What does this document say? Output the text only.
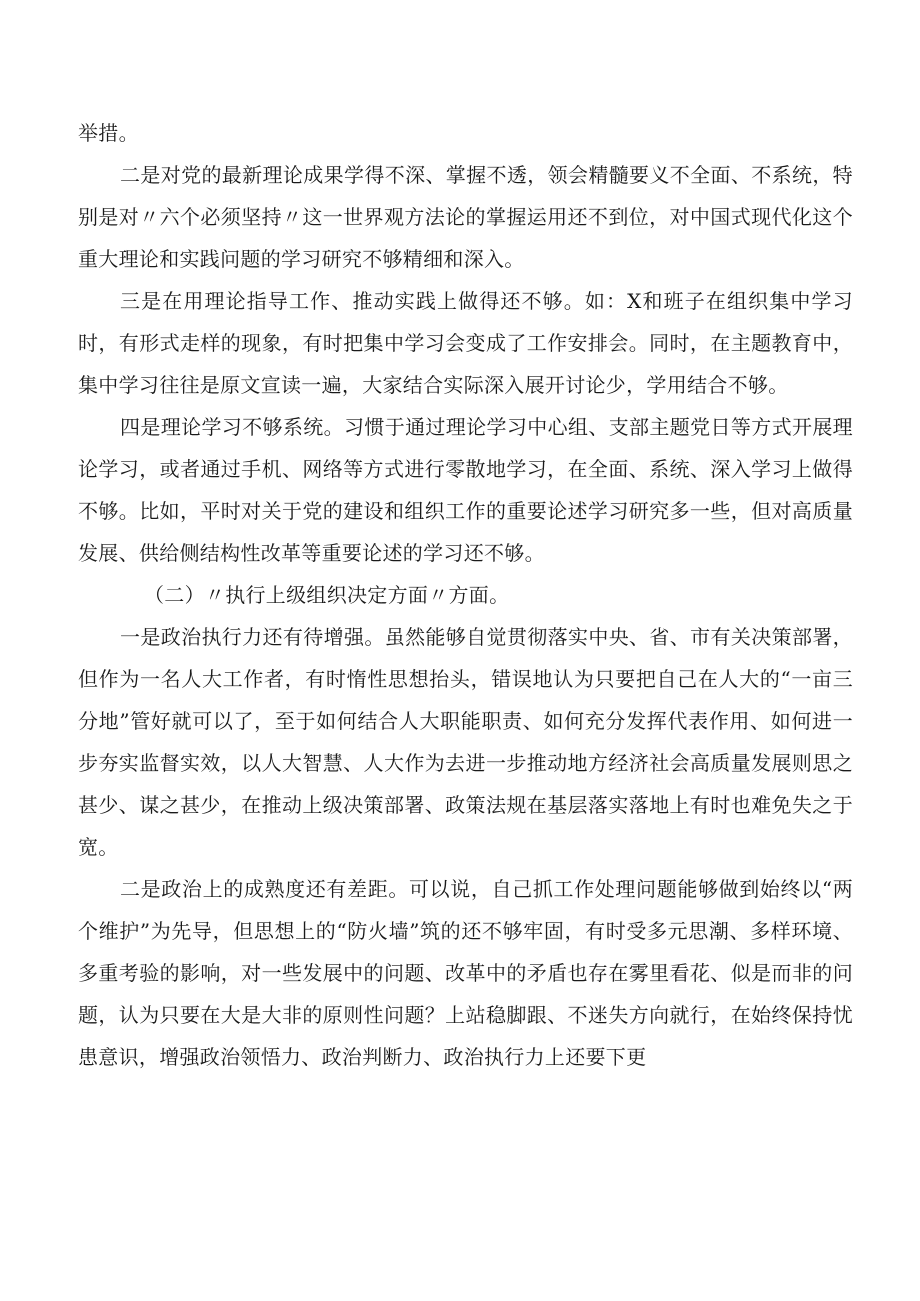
举措。

二是对党的最新理论成果学得不深、掌握不透，领会精髓要义不全面、不系统，特别是对〃六个必须坚持〃这一世界观方法论的掌握运用还不到位，对中国式现代化这个重大理论和实践问题的学习研究不够精细和深入。

三是在用理论指导工作、推动实践上做得还不够。如：X和班子在组织集中学习时，有形式走样的现象，有时把集中学习会变成了工作安排会。同时，在主题教育中，集中学习往往是原文宣读一遍，大家结合实际深入展开讨论少，学用结合不够。

四是理论学习不够系统。习惯于通过理论学习中心组、支部主题党日等方式开展理论学习，或者通过手机、网络等方式进行零散地学习，在全面、系统、深入学习上做得不够。比如，平时对关于党的建设和组织工作的重要论述学习研究多一些，但对高质量发展、供给侧结构性改革等重要论述的学习还不够。

（二）〃执行上级组织决定方面〃方面。

一是政治执行力还有待增强。虽然能够自觉贯彻落实中央、省、市有关决策部署，但作为一名人大工作者，有时惰性思想抬头，错误地认为只要把自己在人大的“一亩三分地”管好就可以了，至于如何结合人大职能职责、如何充分发挥代表作用、如何进一步夯实监督实效，以人大智慧、人大作为去进一步推动地方经济社会高质量发展则思之甚少、谋之甚少，在推动上级决策部署、政策法规在基层落实落地上有时也难免失之于宽。

二是政治上的成熟度还有差距。可以说，自己抓工作处理问题能够做到始终以“两个维护”为先导，但思想上的“防火墙”筑的还不够牢固，有时受多元思潮、多样环境、多重考验的影响，对一些发展中的问题、改革中的矛盾也存在雾里看花、似是而非的问题，认为只要在大是大非的原则性问题？上站稳脚跟、不迷失方向就行，在始终保持忧患意识，增强政治领悟力、政治判断力、政治执行力上还要下更
